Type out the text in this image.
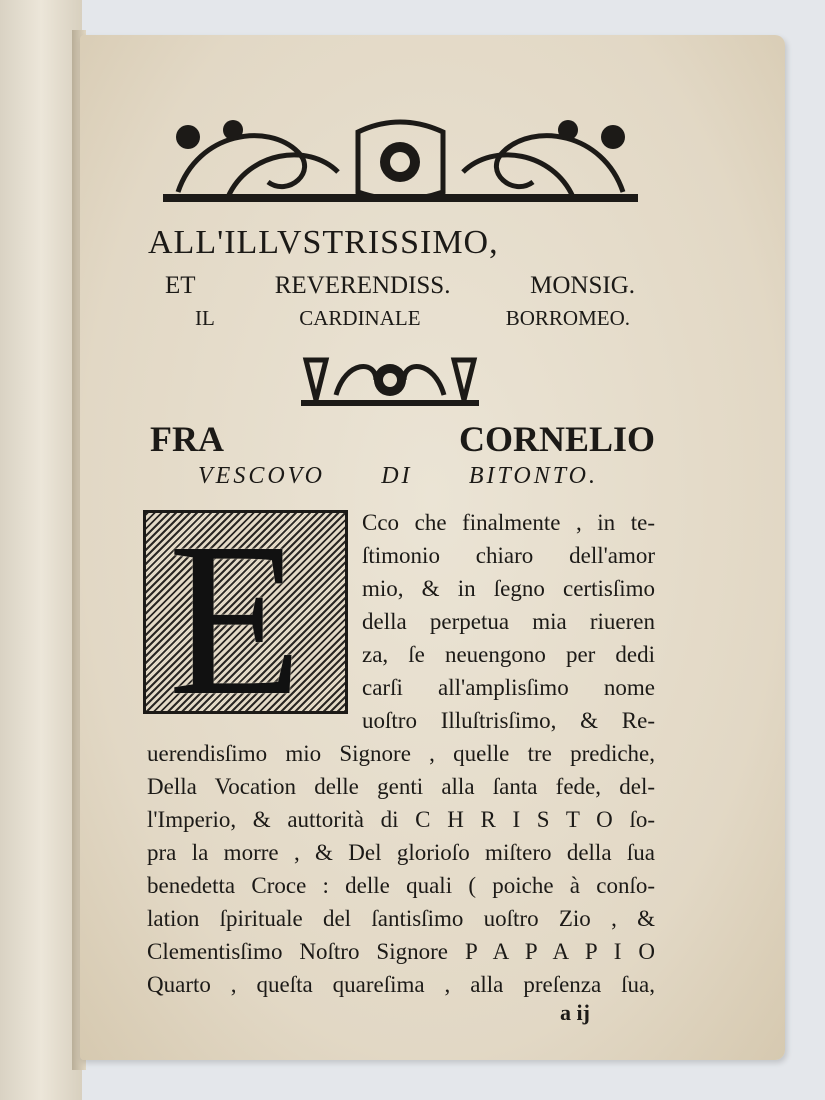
ALL'ILLVSTRISSIMO,
ET REVERENDISS. MONSIG.
IL CARDINALE BORROMEO.
FRA CORNELIO
VESCOVO DI BITONTO.
E	Cco che finalmente , in te-
ſtimonio chiaro dell'amor
mio, & in ſegno certisſimo
della perpetua mia riueren
za, ſe neuengono per dedi
carſi all'amplisſimo nome
uoſtro Illuſtrisſimo, & Re-
uerendisſimo mio Signore , quelle tre prediche,
Della Vocation delle genti alla ſanta fede, del-
l'Imperio, & auttorità di C H R I S T O ſo-
pra la morre , & Del glorioſo miſtero della ſua
benedetta Croce : delle quali ( poiche à conſo-
lation ſpirituale del ſantisſimo uoſtro Zio , &
Clementisſimo Noſtro Signore P A P A P I O
Quarto , queſta quareſima , alla preſenza ſua,
a ij
